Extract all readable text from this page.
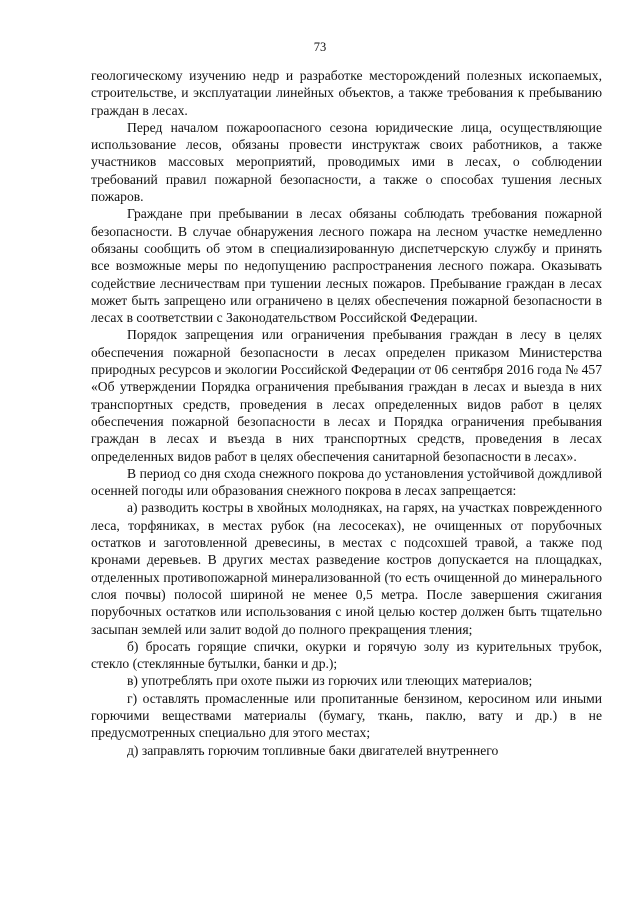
73

геологическому изучению недр и разработке месторождений полезных ископаемых, строительстве, и эксплуатации линейных объектов, а также требования к пребыванию граждан в лесах.

Перед началом пожароопасного сезона юридические лица, осуществляющие использование лесов, обязаны провести инструктаж своих работников, а также участников массовых мероприятий, проводимых ими в лесах, о соблюдении требований правил пожарной безопасности, а также о способах тушения лесных пожаров.

Граждане при пребывании в лесах обязаны соблюдать требования пожарной безопасности. В случае обнаружения лесного пожара на лесном участке немедленно обязаны сообщить об этом в специализированную диспетчерскую службу и принять все возможные меры по недопущению распространения лесного пожара. Оказывать содействие лесничествам при тушении лесных пожаров. Пребывание граждан в лесах может быть запрещено или ограничено в целях обеспечения пожарной безопасности в лесах в соответствии с Законодательством Российской Федерации.

Порядок запрещения или ограничения пребывания граждан в лесу в целях обеспечения пожарной безопасности в лесах определен приказом Министерства природных ресурсов и экологии Российской Федерации от 06 сентября 2016 года № 457 «Об утверждении Порядка ограничения пребывания граждан в лесах и выезда в них транспортных средств, проведения в лесах определенных видов работ в целях обеспечения пожарной безопасности в лесах и Порядка ограничения пребывания граждан в лесах и въезда в них транспортных средств, проведения в лесах определенных видов работ в целях обеспечения санитарной безопасности в лесах».

В период со дня схода снежного покрова до установления устойчивой дождливой осенней погоды или образования снежного покрова в лесах запрещается:

а) разводить костры в хвойных молодняках, на гарях, на участках поврежденного леса, торфяниках, в местах рубок (на лесосеках), не очищенных от порубочных остатков и заготовленной древесины, в местах с подсохшей травой, а также под кронами деревьев. В других местах разведение костров допускается на площадках, отделенных противопожарной минерализованной (то есть очищенной до минерального слоя почвы) полосой шириной не менее 0,5 метра. После завершения сжигания порубочных остатков или использования с иной целью костер должен быть тщательно засыпан землей или залит водой до полного прекращения тления;

б) бросать горящие спички, окурки и горячую золу из курительных трубок, стекло (стеклянные бутылки, банки и др.);

в) употреблять при охоте пыжи из горючих или тлеющих материалов;

г) оставлять промасленные или пропитанные бензином, керосином или иными горючими веществами материалы (бумагу, ткань, паклю, вату и др.) в не предусмотренных специально для этого местах;

д) заправлять горючим топливные баки двигателей внутреннего
